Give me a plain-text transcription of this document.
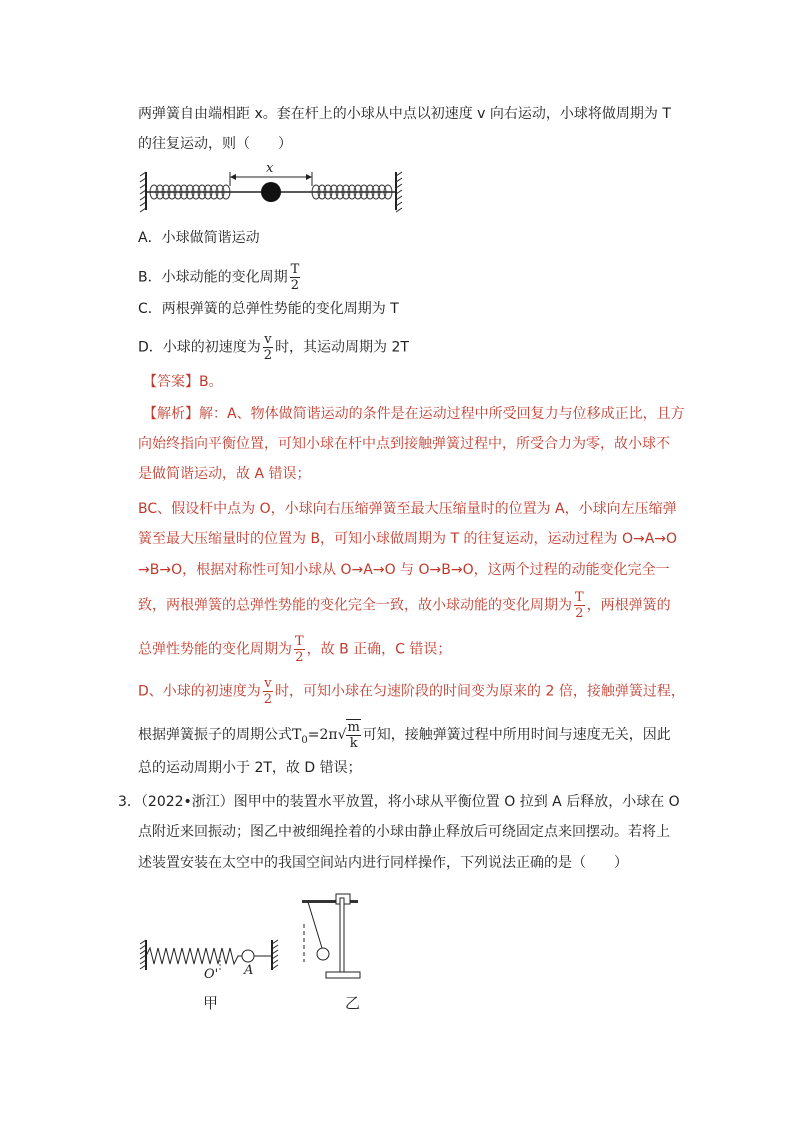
两弹簧自由端相距 x。套在杆上的小球从中点以初速度 v 向右运动，小球将做周期为 T
的往复运动，则（　　）
x
A．小球做简谐运动
B．小球动能的变化周期 $\frac{T}{2}$
C．两根弹簧的总弹性势能的变化周期为 T
D．小球的初速度为 $\frac{v}{2}$ 时，其运动周期为 2T
【答案】B。
【解析】解：A、物体做简谐运动的条件是在运动过程中所受回复力与位移成正比，且方
向始终指向平衡位置，可知小球在杆中点到接触弹簧过程中，所受合力为零，故小球不
是做简谐运动，故 A 错误；
BC、假设杆中点为 O，小球向右压缩弹簧至最大压缩量时的位置为 A，小球向左压缩弹
簧至最大压缩量时的位置为 B，可知小球做周期为 T 的往复运动，运动过程为 O→A→O
→B→O，根据对称性可知小球从 O→A→O 与 O→B→O，这两个过程的动能变化完全一
致，两根弹簧的总弹性势能的变化完全一致，故小球动能的变化周期为 $\frac{T}{2}$ ，两根弹簧的
总弹性势能的变化周期为 $\frac{T}{2}$ ，故 B 正确，C 错误；
D、小球的初速度为 $\frac{v}{2}$ 时，可知小球在匀速阶段的时间变为原来的 2 倍，接触弹簧过程，
根据弹簧振子的周期公式$T_0=2\pi√ \frac{m}{k}$ 可知，接触弹簧过程中所用时间与速度无关，因此
总的运动周期小于 2T，故 D 错误；
3．（2022•浙江）图甲中的装置水平放置，将小球从平衡位置 O 拉到 A 后释放，小球在 O
点附近来回振动；图乙中被细绳拴着的小球由静止释放后可绕固定点来回摆动。若将上
述装置安装在太空中的我国空间站内进行同样操作，下列说法正确的是（　　）
O' A
甲	乙
